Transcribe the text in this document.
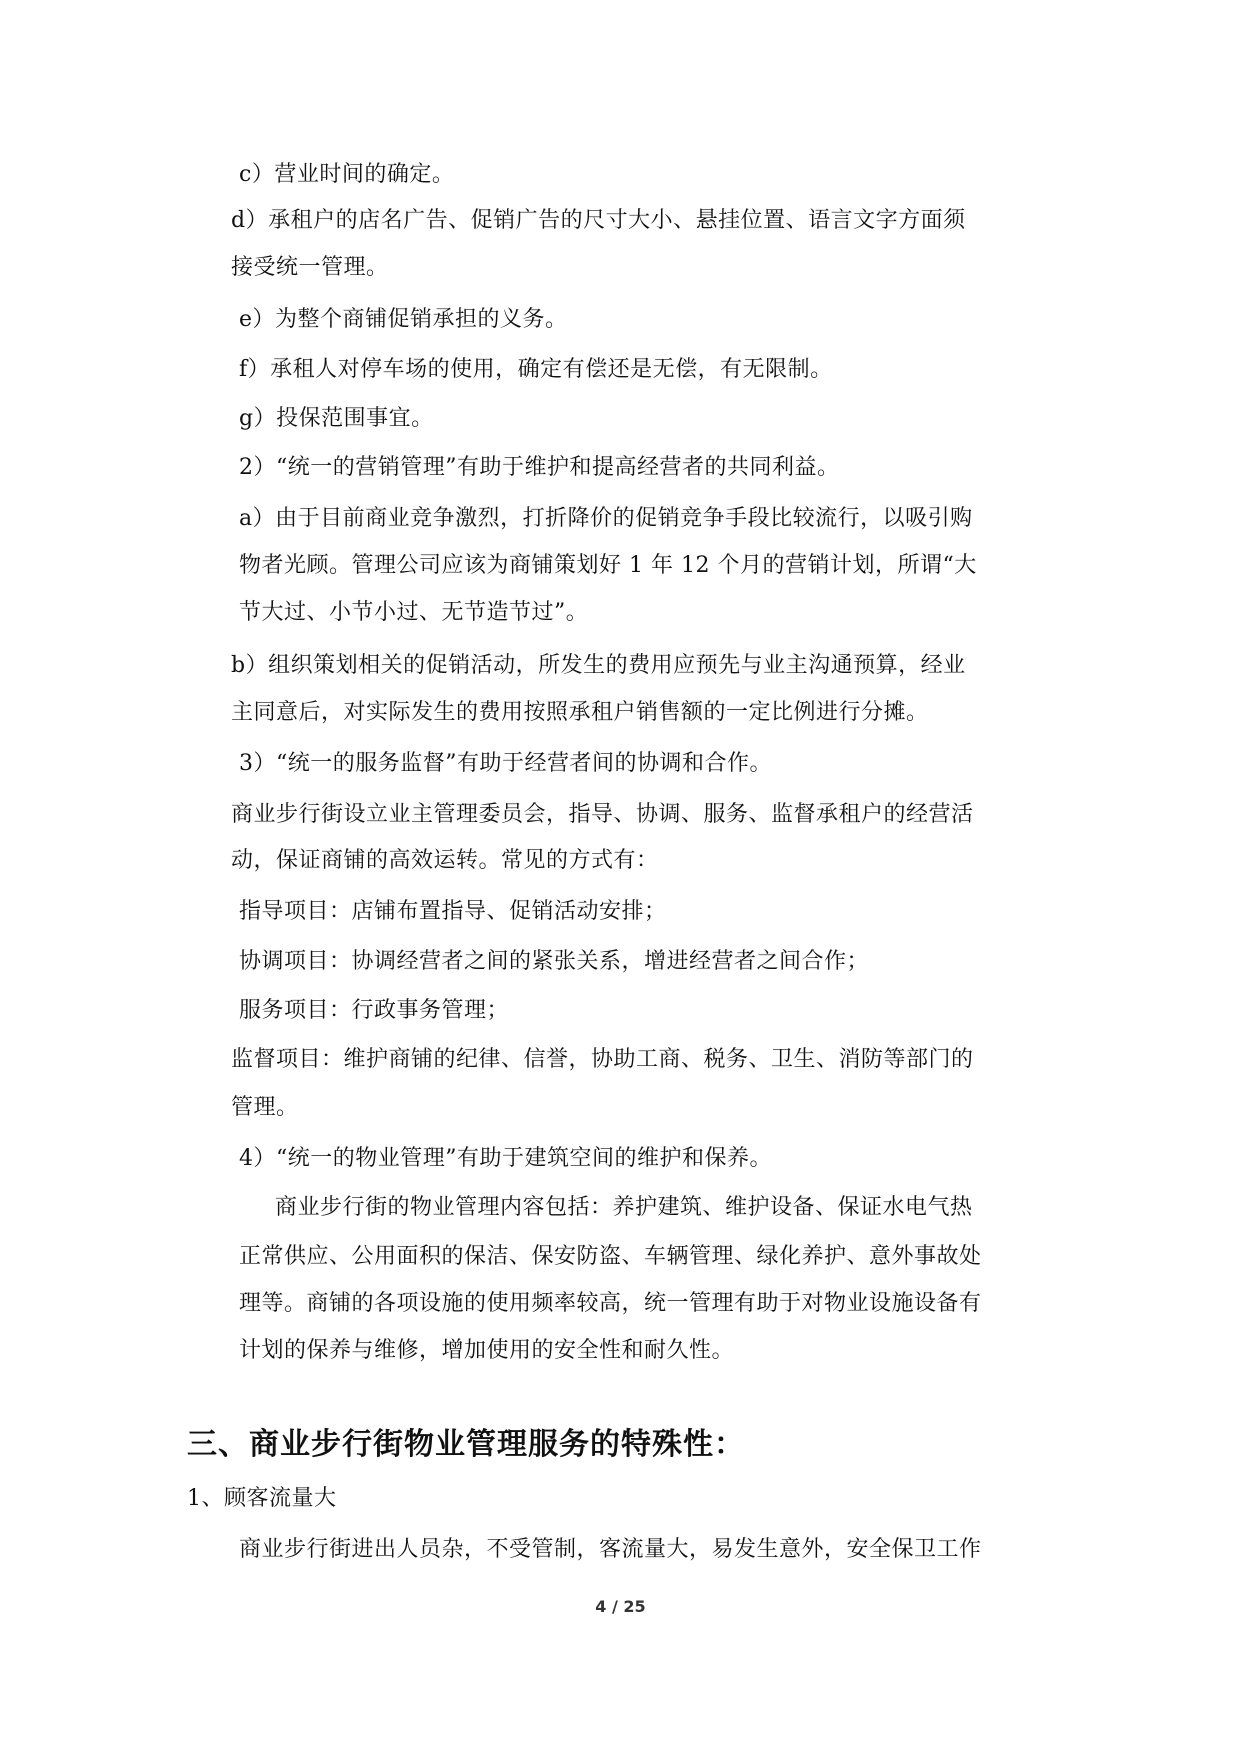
c）营业时间的确定。
d）承租户的店名广告、促销广告的尺寸大小、悬挂位置、语言文字方面须
接受统一管理。
e）为整个商铺促销承担的义务。
f）承租人对停车场的使用，确定有偿还是无偿，有无限制。
g）投保范围事宜。
2）“统一的营销管理”有助于维护和提高经营者的共同利益。
a）由于目前商业竞争激烈，打折降价的促销竞争手段比较流行，以吸引购
物者光顾。管理公司应该为商铺策划好 1 年 12 个月的营销计划，所谓“大
节大过、小节小过、无节造节过”。
b）组织策划相关的促销活动，所发生的费用应预先与业主沟通预算，经业
主同意后，对实际发生的费用按照承租户销售额的一定比例进行分摊。
3）“统一的服务监督”有助于经营者间的协调和合作。
商业步行街设立业主管理委员会，指导、协调、服务、监督承租户的经营活
动，保证商铺的高效运转。常见的方式有：
指导项目：店铺布置指导、促销活动安排；
协调项目：协调经营者之间的紧张关系，增进经营者之间合作；
服务项目：行政事务管理；
监督项目：维护商铺的纪律、信誉，协助工商、税务、卫生、消防等部门的
管理。
4）“统一的物业管理”有助于建筑空间的维护和保养。
商业步行街的物业管理内容包括：养护建筑、维护设备、保证水电气热
正常供应、公用面积的保洁、保安防盗、车辆管理、绿化养护、意外事故处
理等。商铺的各项设施的使用频率较高，统一管理有助于对物业设施设备有
计划的保养与维修，增加使用的安全性和耐久性。
三、商业步行街物业管理服务的特殊性：
1、顾客流量大
商业步行街进出人员杂，不受管制，客流量大，易发生意外，安全保卫工作
4 / 25
